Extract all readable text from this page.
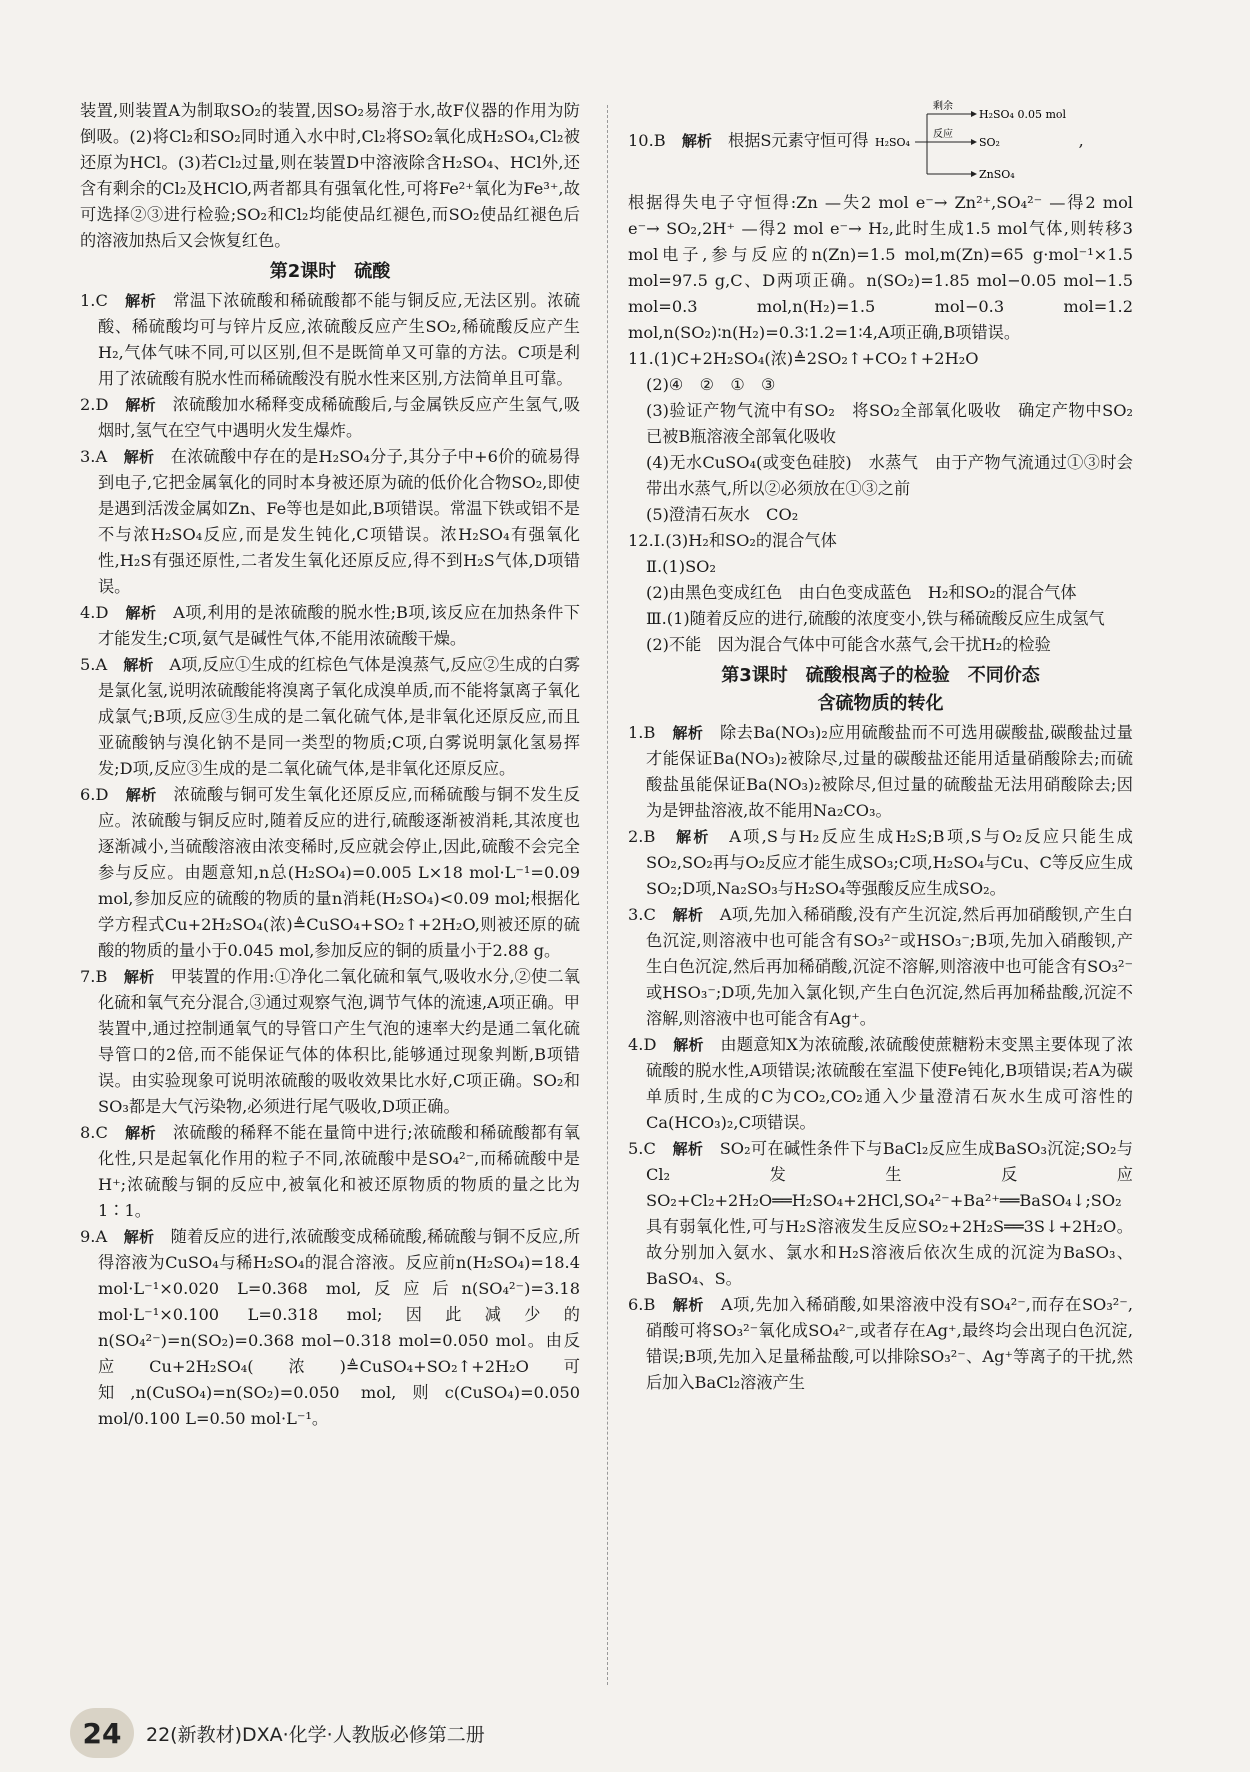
装置,则装置A为制取SO₂的装置,因SO₂易溶于水,故F仪器的作用为防倒吸。(2)将Cl₂和SO₂同时通入水中时,Cl₂将SO₂氧化成H₂SO₄,Cl₂被还原为HCl。(3)若Cl₂过量,则在装置D中溶液除含H₂SO₄、HCl外,还含有剩余的Cl₂及HClO,两者都具有强氧化性,可将Fe²⁺氧化为Fe³⁺,故可选择②③进行检验;SO₂和Cl₂均能使品红褪色,而SO₂使品红褪色后的溶液加热后又会恢复红色。

第2课时　硫酸

1.C　 解析　 常温下浓硫酸和稀硫酸都不能与铜反应,无法区别。浓硫酸、稀硫酸均可与锌片反应,浓硫酸反应产生SO₂,稀硫酸反应产生H₂,气体气味不同,可以区别,但不是既简单又可靠的方法。C项是利用了浓硫酸有脱水性而稀硫酸没有脱水性来区别,方法简单且可靠。

2.D　 解析　 浓硫酸加水稀释变成稀硫酸后,与金属铁反应产生氢气,吸烟时,氢气在空气中遇明火发生爆炸。

3.A　 解析　 在浓硫酸中存在的是H₂SO₄分子,其分子中+6价的硫易得到电子,它把金属氧化的同时本身被还原为硫的低价化合物SO₂,即使是遇到活泼金属如Zn、Fe等也是如此,B项错误。常温下铁或铝不是不与浓H₂SO₄反应,而是发生钝化,C项错误。浓H₂SO₄有强氧化性,H₂S有强还原性,二者发生氧化还原反应,得不到H₂S气体,D项错误。

4.D　 解析　 A项,利用的是浓硫酸的脱水性;B项,该反应在加热条件下才能发生;C项,氨气是碱性气体,不能用浓硫酸干燥。

5.A　 解析　 A项,反应①生成的红棕色气体是溴蒸气,反应②生成的白雾是氯化氢,说明浓硫酸能将溴离子氧化成溴单质,而不能将氯离子氧化成氯气;B项,反应③生成的是二氧化硫气体,是非氧化还原反应,而且亚硫酸钠与溴化钠不是同一类型的物质;C项,白雾说明氯化氢易挥发;D项,反应③生成的是二氧化硫气体,是非氧化还原反应。

6.D　 解析　 浓硫酸与铜可发生氧化还原反应,而稀硫酸与铜不发生反应。浓硫酸与铜反应时,随着反应的进行,硫酸逐渐被消耗,其浓度也逐渐减小,当硫酸溶液由浓变稀时,反应就会停止,因此,硫酸不会完全参与反应。由题意知,n总(H₂SO₄)=0.005 L×18 mol·L⁻¹=0.09 mol,参加反应的硫酸的物质的量n消耗(H₂SO₄)<0.09 mol;根据化学方程式Cu+2H₂SO₄(浓)≜CuSO₄+SO₂↑+2H₂O,则被还原的硫酸的物质的量小于0.045 mol,参加反应的铜的质量小于2.88 g。

7.B　 解析　 甲装置的作用:①净化二氧化硫和氧气,吸收水分,②使二氧化硫和氧气充分混合,③通过观察气泡,调节气体的流速,A项正确。甲装置中,通过控制通氧气的导管口产生气泡的速率大约是通二氧化硫导管口的2倍,而不能保证气体的体积比,能够通过现象判断,B项错误。由实验现象可说明浓硫酸的吸收效果比水好,C项正确。SO₂和SO₃都是大气污染物,必须进行尾气吸收,D项正确。

8.C　 解析　 浓硫酸的稀释不能在量筒中进行;浓硫酸和稀硫酸都有氧化性,只是起氧化作用的粒子不同,浓硫酸中是SO₄²⁻,而稀硫酸中是H⁺;浓硫酸与铜的反应中,被氧化和被还原物质的物质的量之比为1∶1。

9.A　 解析　 随着反应的进行,浓硫酸变成稀硫酸,稀硫酸与铜不反应,所得溶液为CuSO₄与稀H₂SO₄的混合溶液。反应前n(H₂SO₄)=18.4 mol·L⁻¹×0.020 L=0.368 mol,反应后n(SO₄²⁻)=3.18 mol·L⁻¹×0.100 L=0.318 mol;因此减少的n(SO₄²⁻)=n(SO₂)=0.368 mol−0.318 mol=0.050 mol。由反应Cu+2H₂SO₄(浓)≜CuSO₄+SO₂↑+2H₂O可知,n(CuSO₄)=n(SO₂)=0.050 mol,则c(CuSO₄)=0.050 mol/0.100 L=0.50 mol·L⁻¹。

10.B　 解析　 根据S元素守恒可得 H₂SO₄
剩余
反应
H₂SO₄ 0.05 mol
SO₂
ZnSO₄

,

根据得失电子守恒得:Zn —失2 mol e⁻→ Zn²⁺,SO₄²⁻ —得2 mol e⁻→ SO₂,2H⁺ —得2 mol e⁻→ H₂,此时生成1.5 mol气体,则转移3 mol电子,参与反应的n(Zn)=1.5 mol,m(Zn)=65 g·mol⁻¹×1.5 mol=97.5 g,C、D两项正确。n(SO₂)=1.85 mol−0.05 mol−1.5 mol=0.3 mol,n(H₂)=1.5 mol−0.3 mol=1.2 mol,n(SO₂)∶n(H₂)=0.3∶1.2=1∶4,A项正确,B项错误。

11.(1)C+2H₂SO₄(浓)≜2SO₂↑+CO₂↑+2H₂O

(2)④　②　①　③

(3)验证产物气流中有SO₂　将SO₂全部氧化吸收　确定产物中SO₂已被B瓶溶液全部氧化吸收

(4)无水CuSO₄(或变色硅胶)　水蒸气　由于产物气流通过①③时会带出水蒸气,所以②必须放在①③之前

(5)澄清石灰水　CO₂

12.Ⅰ.(3)H₂和SO₂的混合气体

Ⅱ.(1)SO₂

(2)由黑色变成红色　由白色变成蓝色　H₂和SO₂的混合气体

Ⅲ.(1)随着反应的进行,硫酸的浓度变小,铁与稀硫酸反应生成氢气

(2)不能　因为混合气体中可能含水蒸气,会干扰H₂的检验

第3课时　硫酸根离子的检验　不同价态
含硫物质的转化

1.B　 解析　 除去Ba(NO₃)₂应用硫酸盐而不可选用碳酸盐,碳酸盐过量才能保证Ba(NO₃)₂被除尽,过量的碳酸盐还能用适量硝酸除去;而硫酸盐虽能保证Ba(NO₃)₂被除尽,但过量的硫酸盐无法用硝酸除去;因为是钾盐溶液,故不能用Na₂CO₃。

2.B　 解析　 A项,S与H₂反应生成H₂S;B项,S与O₂反应只能生成SO₂,SO₂再与O₂反应才能生成SO₃;C项,H₂SO₄与Cu、C等反应生成SO₂;D项,Na₂SO₃与H₂SO₄等强酸反应生成SO₂。

3.C　 解析　 A项,先加入稀硝酸,没有产生沉淀,然后再加硝酸钡,产生白色沉淀,则溶液中也可能含有SO₃²⁻或HSO₃⁻;B项,先加入硝酸钡,产生白色沉淀,然后再加稀硝酸,沉淀不溶解,则溶液中也可能含有SO₃²⁻或HSO₃⁻;D项,先加入氯化钡,产生白色沉淀,然后再加稀盐酸,沉淀不溶解,则溶液中也可能含有Ag⁺。

4.D　 解析　 由题意知X为浓硫酸,浓硫酸使蔗糖粉末变黑主要体现了浓硫酸的脱水性,A项错误;浓硫酸在室温下使Fe钝化,B项错误;若A为碳单质时,生成的C为CO₂,CO₂通入少量澄清石灰水生成可溶性的Ca(HCO₃)₂,C项错误。

5.C　 解析　 SO₂可在碱性条件下与BaCl₂反应生成BaSO₃沉淀;SO₂与Cl₂发生反应SO₂+Cl₂+2H₂O══H₂SO₄+2HCl,SO₄²⁻+Ba²⁺══BaSO₄↓;SO₂具有弱氧化性,可与H₂S溶液发生反应SO₂+2H₂S══3S↓+2H₂O。故分别加入氨水、氯水和H₂S溶液后依次生成的沉淀为BaSO₃、BaSO₄、S。

6.B　 解析　 A项,先加入稀硝酸,如果溶液中没有SO₄²⁻,而存在SO₃²⁻,硝酸可将SO₃²⁻氧化成SO₄²⁻,或者存在Ag⁺,最终均会出现白色沉淀,错误;B项,先加入足量稀盐酸,可以排除SO₃²⁻、Ag⁺等离子的干扰,然后加入BaCl₂溶液产生

24	22(新教材)DXA·化学·人教版必修第二册
